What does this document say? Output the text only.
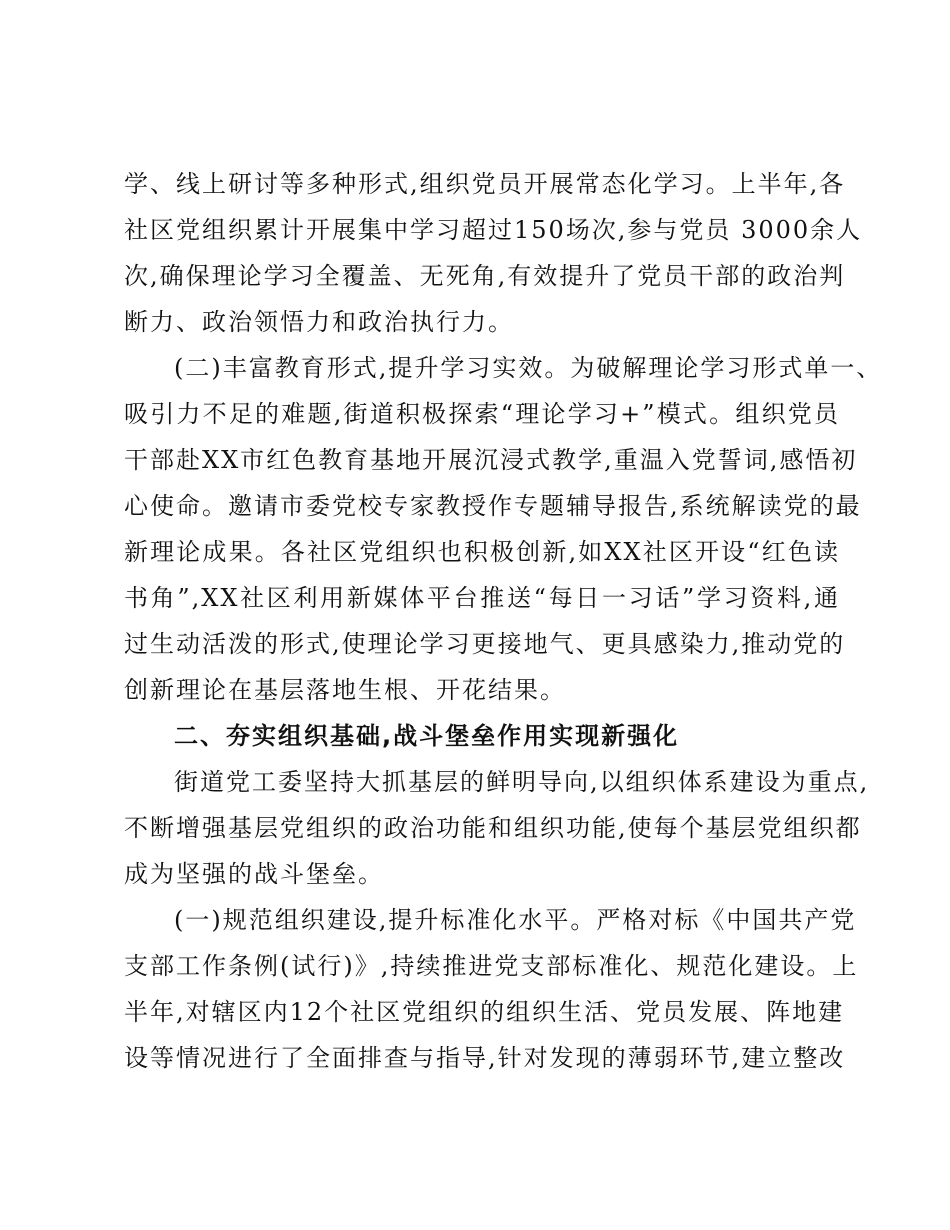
学、线上研讨等多种形式,组织党员开展常态化学习。上半年,各
社区党组织累计开展集中学习超过150场次,参与党员 3000余人
次,确保理论学习全覆盖、无死角,有效提升了党员干部的政治判
断力、政治领悟力和政治执行力。
(二)丰富教育形式,提升学习实效。为破解理论学习形式单一、
吸引力不足的难题,街道积极探索“理论学习+”模式。组织党员
干部赴XX市红色教育基地开展沉浸式教学,重温入党誓词,感悟初
心使命。邀请市委党校专家教授作专题辅导报告,系统解读党的最
新理论成果。各社区党组织也积极创新,如XX社区开设“红色读
书角”,XX社区利用新媒体平台推送“每日一习话”学习资料,通
过生动活泼的形式,使理论学习更接地气、更具感染力,推动党的
创新理论在基层落地生根、开花结果。
二、夯实组织基础,战斗堡垒作用实现新强化
街道党工委坚持大抓基层的鲜明导向,以组织体系建设为重点,
不断增强基层党组织的政治功能和组织功能,使每个基层党组织都
成为坚强的战斗堡垒。
(一)规范组织建设,提升标准化水平。严格对标《中国共产党
支部工作条例(试行)》,持续推进党支部标准化、规范化建设。上
半年,对辖区内12个社区党组织的组织生活、党员发展、阵地建
设等情况进行了全面排查与指导,针对发现的薄弱环节,建立整改
